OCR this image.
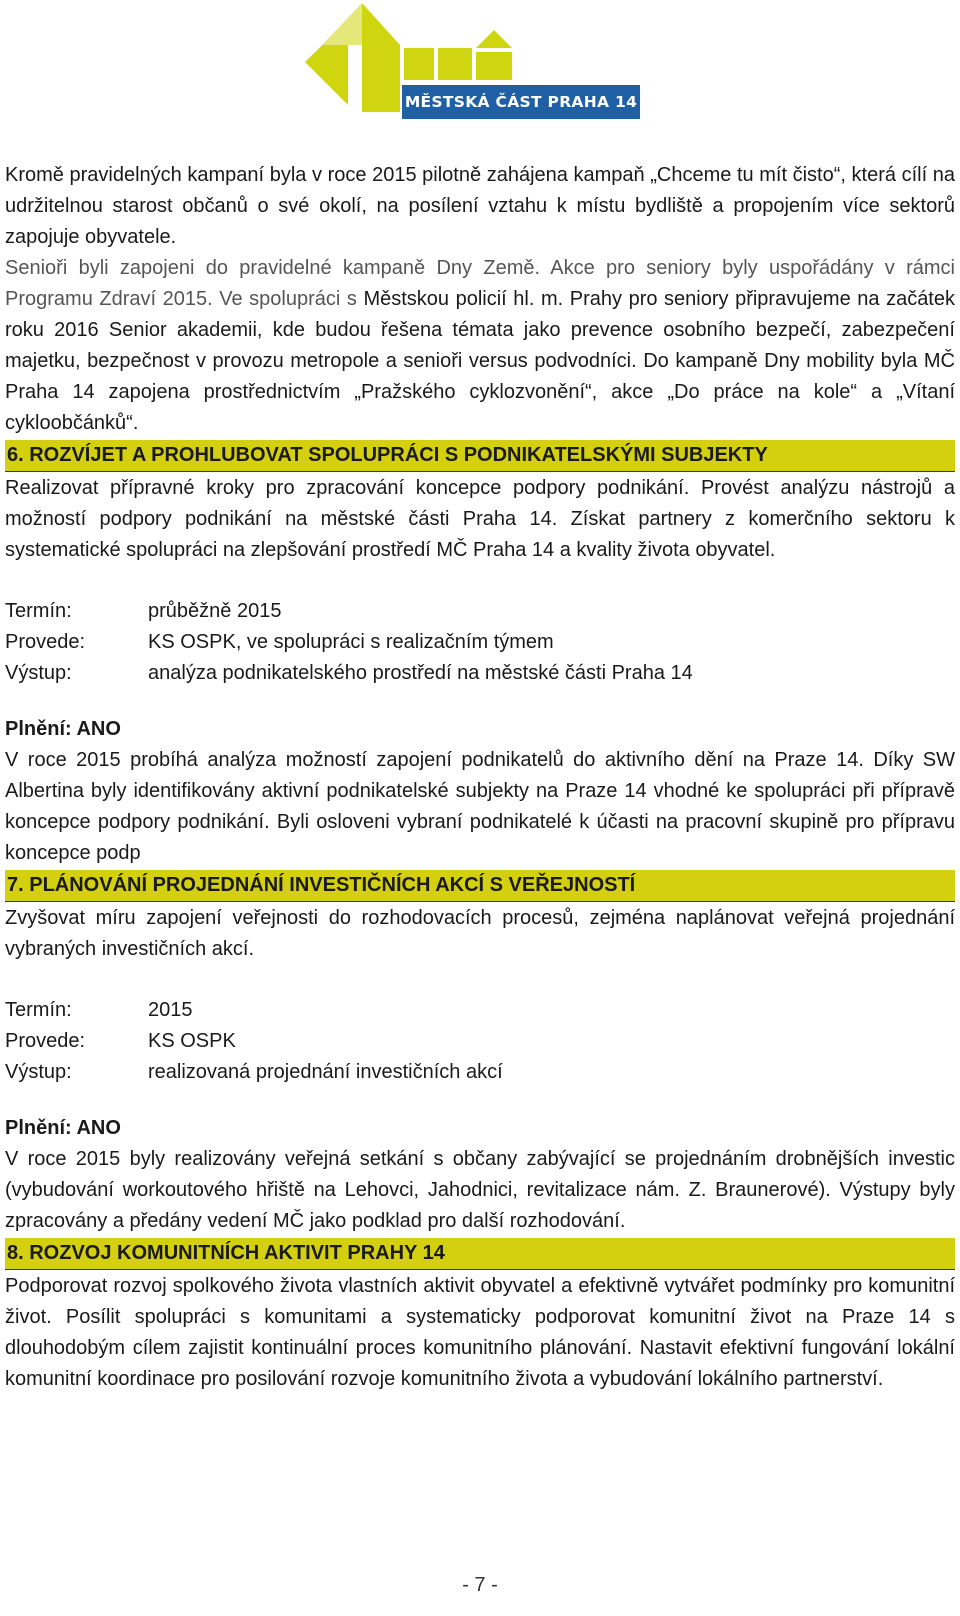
MĚSTSKÁ ČÁST PRAHA 14

Kromě pravidelných kampaní byla v roce 2015 pilotně zahájena kampaň „Chceme tu mít čisto“, která cílí na udržitelnou starost občanů o své okolí, na posílení vztahu k místu bydliště a propojením více sektorů zapojuje obyvatele.

Senioři byli zapojeni do pravidelné kampaně Dny Země. Akce pro seniory byly uspořádány v rámci Programu Zdraví 2015. Ve spolupráci s Městskou policií hl. m. Prahy pro seniory připravujeme na začátek roku 2016 Senior akademii, kde budou řešena témata jako prevence osobního bezpečí, zabezpečení majetku, bezpečnost v provozu metropole a senioři versus podvodníci. Do kampaně Dny mobility byla MČ Praha 14 zapojena prostřednictvím „Pražského cyklozvonění“, akce „Do práce na kole“ a „Vítaní cykloobčánků“.

6. ROZVÍJET A PROHLUBOVAT SPOLUPRÁCI S PODNIKATELSKÝMI SUBJEKTY

Realizovat přípravné kroky pro zpracování koncepce podpory podnikání. Provést analýzu nástrojů a možností podpory podnikání na městské části Praha 14. Získat partnery z komerčního sektoru k systematické spolupráci na zlepšování prostředí MČ Praha 14 a kvality života obyvatel.

Termín:	průběžně 2015
Provede:	KS OSPK, ve spolupráci s realizačním týmem
Výstup:	analýza podnikatelského prostředí na městské části Praha 14
Plnění: ANO

V roce 2015 probíhá analýza možností zapojení podnikatelů do aktivního dění na Praze 14. Díky SW Albertina byly identifikovány aktivní podnikatelské subjekty na Praze 14 vhodné ke spolupráci při přípravě koncepce podpory podnikání. Byli osloveni vybraní podnikatelé k účasti na pracovní skupině pro přípravu koncepce podp

7. PLÁNOVÁNÍ PROJEDNÁNÍ INVESTIČNÍCH AKCÍ S VEŘEJNOSTÍ

Zvyšovat míru zapojení veřejnosti do rozhodovacích procesů, zejména naplánovat veřejná projednání vybraných investičních akcí.

Termín:	2015
Provede:	KS OSPK
Výstup:	realizovaná projednání investičních akcí
Plnění: ANO

V roce 2015 byly realizovány veřejná setkání s občany zabývající se projednáním drobnějších investic (vybudování workoutového hřiště na Lehovci, Jahodnici, revitalizace nám. Z. Braunerové). Výstupy byly zpracovány a předány vedení MČ jako podklad pro další rozhodování.

8. ROZVOJ KOMUNITNÍCH AKTIVIT PRAHY 14

Podporovat rozvoj spolkového života vlastních aktivit obyvatel a efektivně vytvářet podmínky pro komunitní život. Posílit spolupráci s komunitami a systematicky podporovat komunitní život na Praze 14 s dlouhodobým cílem zajistit kontinuální proces komunitního plánování. Nastavit efektivní fungování lokální komunitní koordinace pro posilování rozvoje komunitního života a vybudování lokálního partnerství.

- 7 -
